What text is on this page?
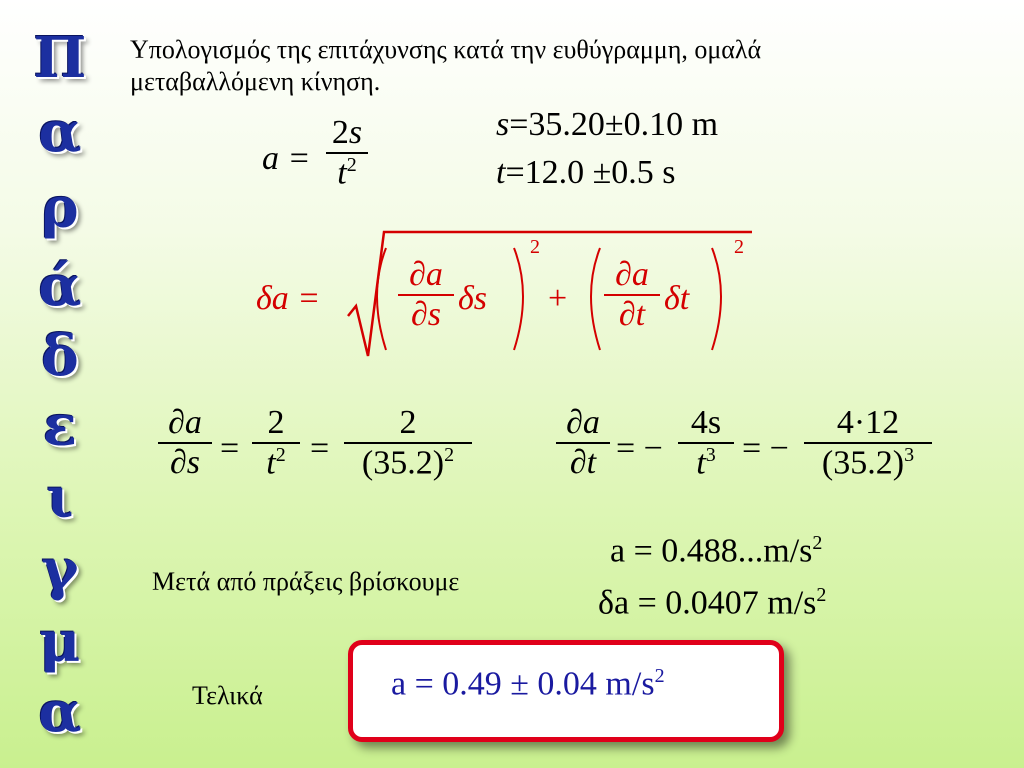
Π
α
ρ
ά
δ
ε
ι
γ
μ
α
Υπολογισμός της επιτάχυνσης κατά την ευθύγραμμη, ομαλά
μεταβαλλόμενη κίνηση.
a =
2s
$t^2$
s=35.20±0.10 m
t=12.0 ±0.5 s
δa =
∂a
∂s δs
2
+
∂a
∂t δt
2
∂a
∂s =
2
$t^2$ =
2
$(35.2)^2$
∂a
∂t = −
4s
$t^3$ = −
4·12
$(35.2)^3$
Μετά από πράξεις βρίσκουμε
$a = 0.488...m/s^2$
δa = 0.0407 $m/s^2$
Τελικά	a = 0.49 ± 0.04 $m/s^2$
